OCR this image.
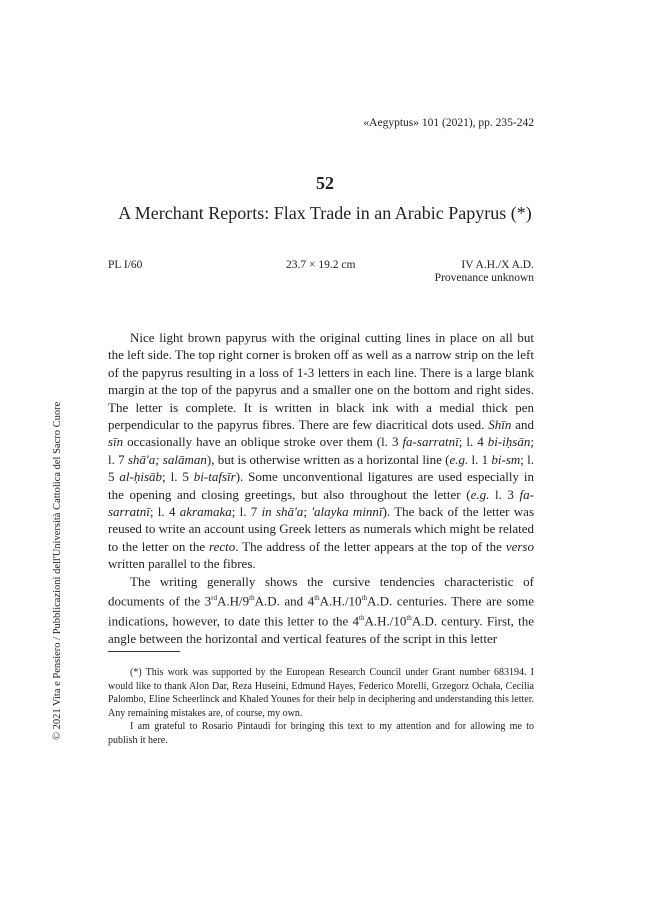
«Aegyptus» 101 (2021), pp. 235-242
52
A Merchant Reports: Flax Trade in an Arabic Papyrus (*)
PL I/60	23.7 × 19.2 cm	IV A.H./X A.D.
Provenance unknown
© 2021 Vita e Pensiero / Pubblicazioni dell'Università Cattolica del Sacro Cuore

Nice light brown papyrus with the original cutting lines in place on all but the left side. The top right corner is broken off as well as a narrow strip on the left of the papyrus resulting in a loss of 1-3 letters in each line. There is a large blank margin at the top of the papyrus and a smaller one on the bottom and right sides. The letter is complete. It is written in black ink with a medial thick pen perpendicular to the papyrus fibres. There are few diacritical dots used. Shīn and sīn occasionally have an oblique stroke over them (l. 3 fa-sarratnī; l. 4 bi-iḥsān; l. 7 shā'a; salāman), but is otherwise written as a horizontal line (e.g. l. 1 bi-sm; l. 5 al-ḥisāb; l. 5 bi-tafsīr). Some unconventional ligatures are used especially in the opening and closing greetings, but also throughout the letter (e.g. l. 3 fa-sarratnī; l. 4 akramaka; l. 7 in shā'a; 'alayka minnī). The back of the letter was reused to write an account using Greek letters as numerals which might be related to the letter on the recto. The address of the letter appears at the top of the verso written parallel to the fibres.

The writing generally shows the cursive tendencies characteristic of documents of the 3rdA.H/9thA.D. and 4thA.H./10thA.D. centuries. There are some indications, however, to date this letter to the 4thA.H./10thA.D. century. First, the angle between the horizontal and vertical features of the script in this letter

(*) This work was supported by the European Research Council under Grant number 683194. I would like to thank Alon Dar, Reza Huseini, Edmund Hayes, Federico Morelli, Grzegorz Ochała, Cecilia Palombo, Eline Scheerlinck and Khaled Younes for their help in deciphering and understanding this letter. Any remaining mistakes are, of course, my own.

I am grateful to Rosario Pintaudi for bringing this text to my attention and for allowing me to publish it here.
